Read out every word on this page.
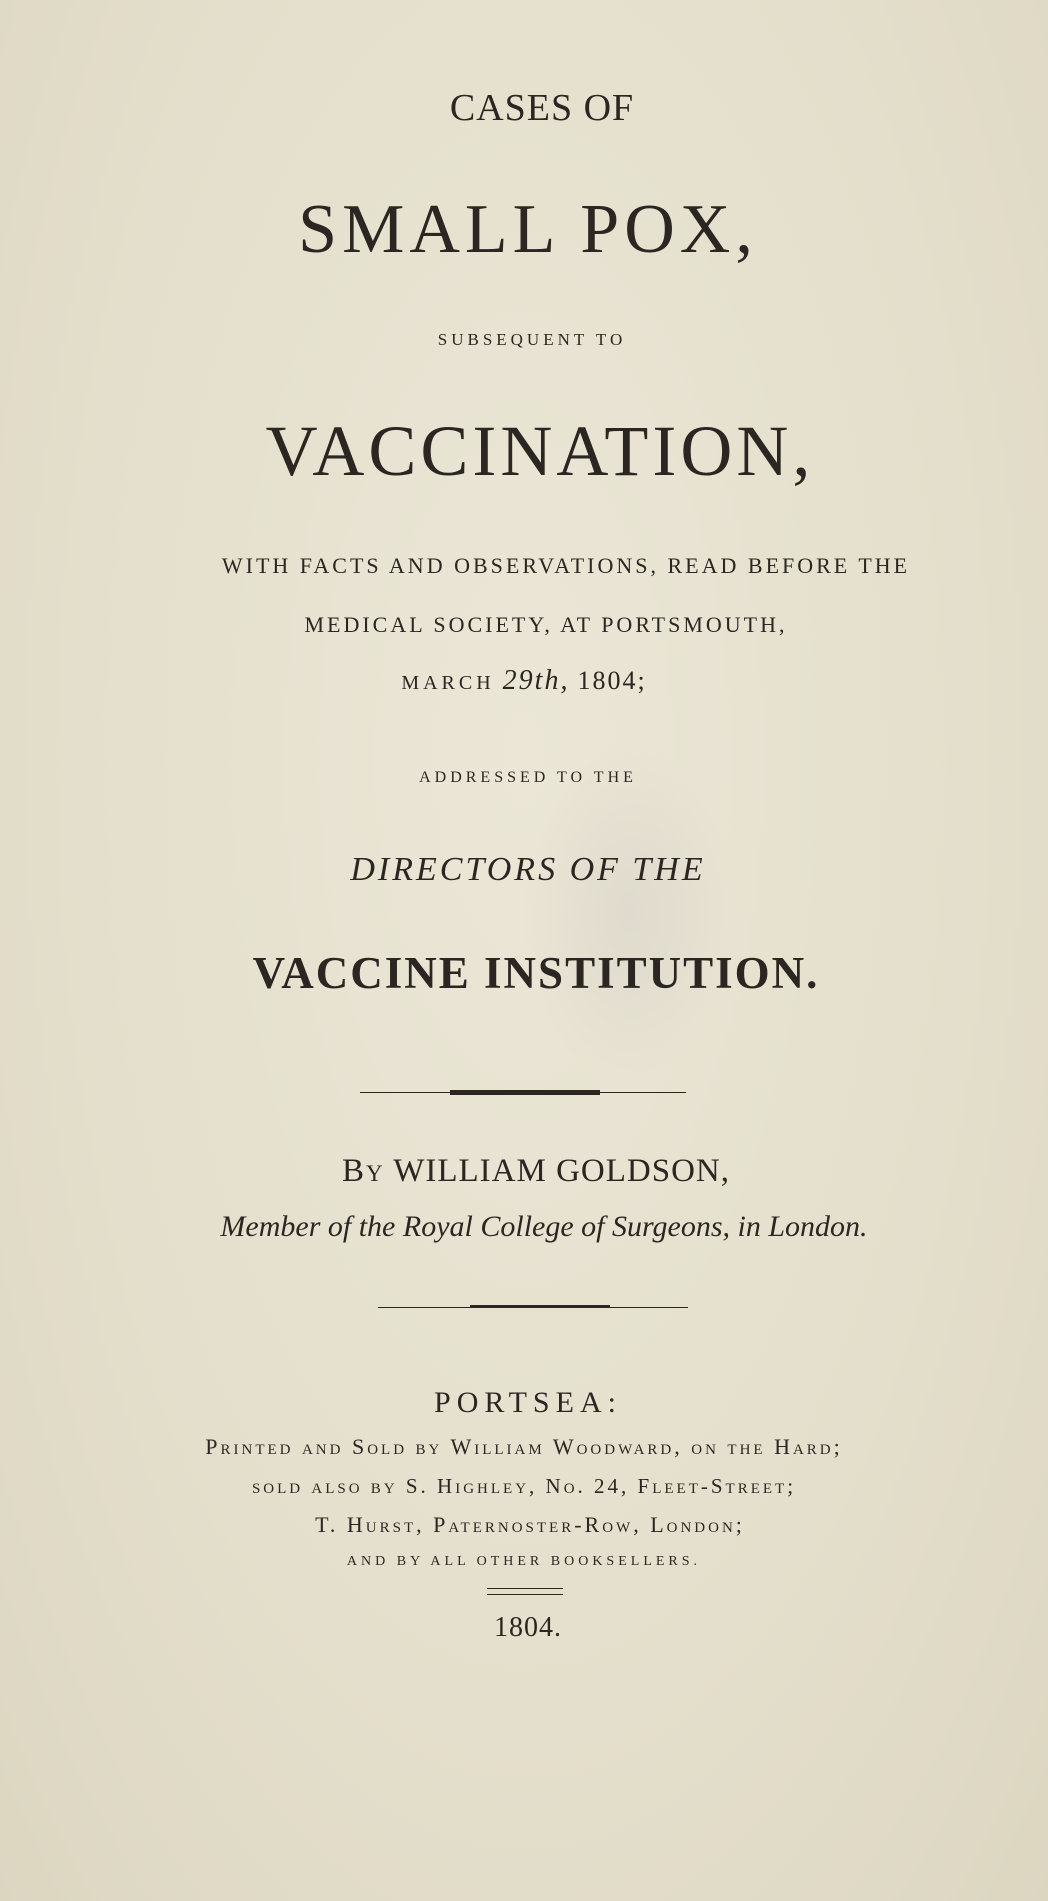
CASES OF
SMALL POX,
SUBSEQUENT TO
VACCINATION,
WITH FACTS AND OBSERVATIONS, READ BEFORE THE
MEDICAL SOCIETY, AT PORTSMOUTH,
MARCH 29th, 1804;
ADDRESSED TO THE
DIRECTORS OF THE
VACCINE INSTITUTION.
By WILLIAM GOLDSON,
Member of the Royal College of Surgeons, in London.
PORTSEA:
Printed and Sold by William Woodward, on the Hard;
sold also by S. Highley, No. 24, Fleet-Street;
T. Hurst, Paternoster-Row, London;
AND BY ALL OTHER BOOKSELLERS.
1804.
